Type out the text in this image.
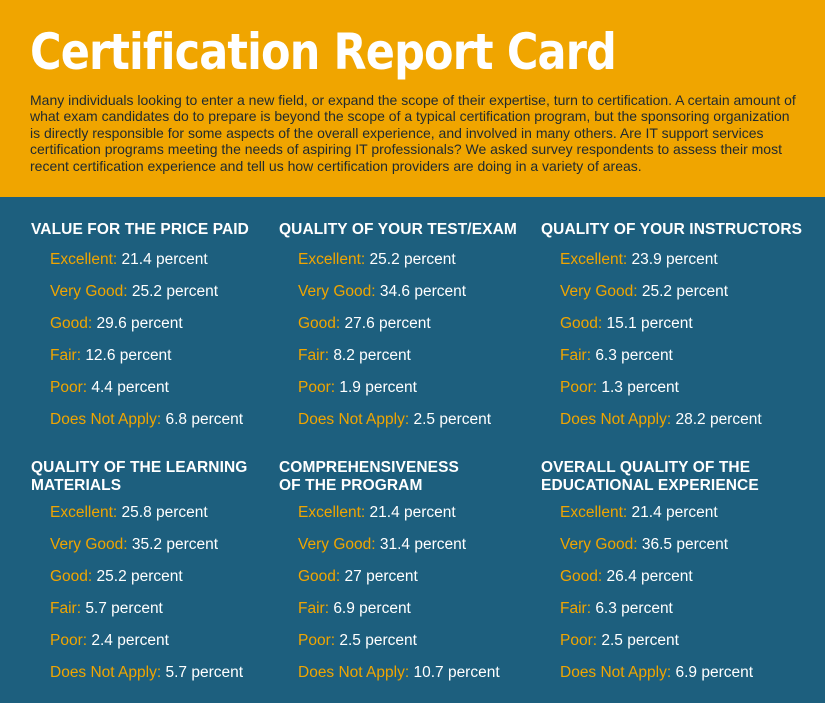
Certification Report Card
Many individuals looking to enter a new field, or expand the scope of their expertise, turn to certification. A certain amount of what exam candidates do to prepare is beyond the scope of a typical certification program, but the sponsoring organization is directly responsible for some aspects of the overall experience, and involved in many others. Are IT support services certification programs meeting the needs of aspiring IT professionals? We asked survey respondents to assess their most recent certification experience and tell us how certification providers are doing in a variety of areas.
VALUE FOR THE PRICE PAID
Excellent: 21.4 percent
Very Good: 25.2 percent
Good: 29.6 percent
Fair: 12.6 percent
Poor: 4.4 percent
Does Not Apply: 6.8 percent
QUALITY OF YOUR TEST/EXAM
Excellent: 25.2 percent
Very Good: 34.6 percent
Good: 27.6 percent
Fair: 8.2 percent
Poor: 1.9 percent
Does Not Apply: 2.5 percent
QUALITY OF YOUR INSTRUCTORS
Excellent: 23.9 percent
Very Good: 25.2 percent
Good: 15.1 percent
Fair: 6.3 percent
Poor: 1.3 percent
Does Not Apply: 28.2 percent
QUALITY OF THE LEARNING
MATERIALS
Excellent: 25.8 percent
Very Good: 35.2 percent
Good: 25.2 percent
Fair: 5.7 percent
Poor: 2.4 percent
Does Not Apply: 5.7 percent
COMPREHENSIVENESS
OF THE PROGRAM
Excellent: 21.4 percent
Very Good: 31.4 percent
Good: 27 percent
Fair: 6.9 percent
Poor: 2.5 percent
Does Not Apply: 10.7 percent
OVERALL QUALITY OF THE
EDUCATIONAL EXPERIENCE
Excellent: 21.4 percent
Very Good: 36.5 percent
Good: 26.4 percent
Fair: 6.3 percent
Poor: 2.5 percent
Does Not Apply: 6.9 percent
